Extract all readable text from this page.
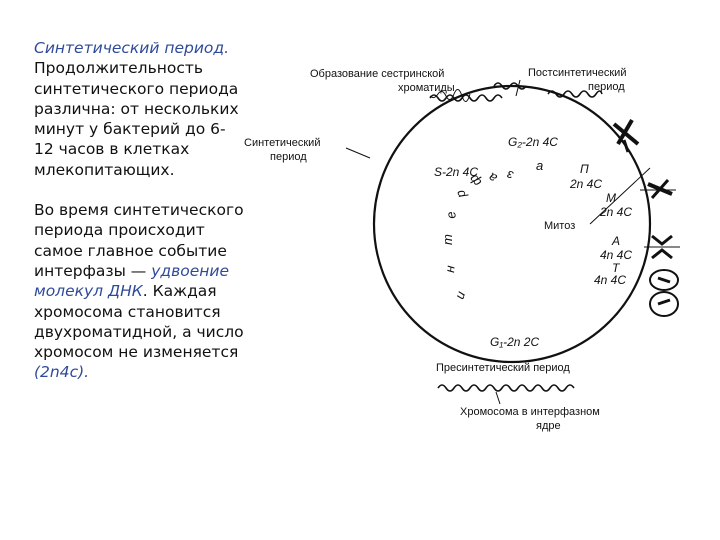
Синтетический период.

Продолжительность синтетического периода различна: от нескольких минут у бактерий до 6-12 часов в клетках млекопитающих.

Во время синтетического периода происходит самое главное событие интерфазы — удвоение молекул ДНК. Каждая хромосома становится двухроматидной, а число хромосом не изменяется (2n4c).

Образование сестринской
хроматиды
Постсинтетический
период
Синтетический
период
G₂-2n 4C
S-2n 4C	П
2n 4C
M
2n 4C
Митоз
A
4n 4C
T
4n 4C
G₁-2n 2C
и
н
т
е
р
ф а з
а
Пресинтетический период
Хромосома в интерфазном
ядре
